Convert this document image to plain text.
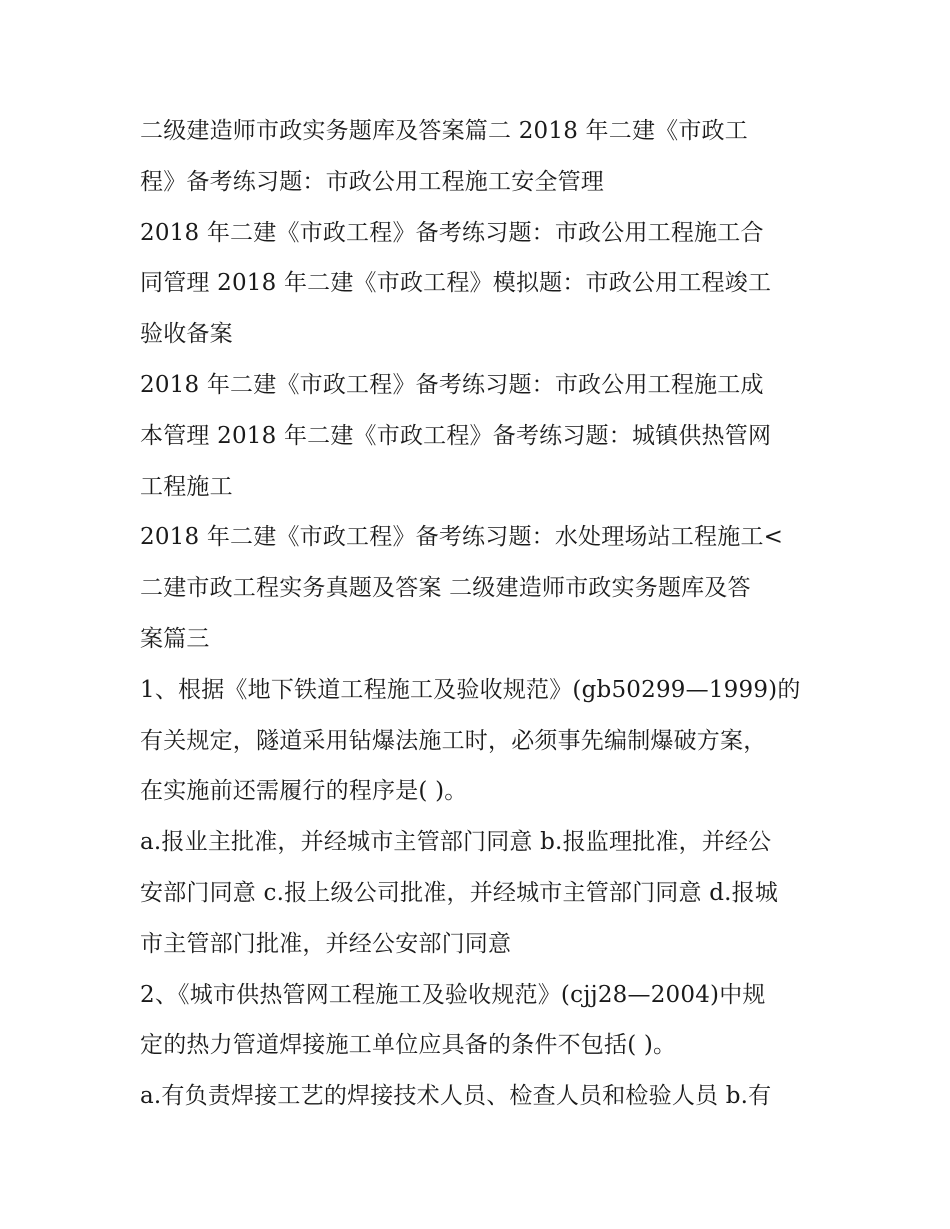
二级建造师市政实务题库及答案篇二 2018 年二建《市政工
程》备考练习题：市政公用工程施工安全管理
2018 年二建《市政工程》备考练习题：市政公用工程施工合
同管理 2018 年二建《市政工程》模拟题：市政公用工程竣工
验收备案
2018 年二建《市政工程》备考练习题：市政公用工程施工成
本管理 2018 年二建《市政工程》备考练习题：城镇供热管网
工程施工
2018 年二建《市政工程》备考练习题：水处理场站工程施工<
二建市政工程实务真题及答案 二级建造师市政实务题库及答
案篇三
1、根据《地下铁道工程施工及验收规范》(gb50299—1999)的
有关规定，隧道采用钻爆法施工时，必须事先编制爆破方案，
在实施前还需履行的程序是( )。
a.报业主批准，并经城市主管部门同意 b.报监理批准，并经公
安部门同意 c.报上级公司批准，并经城市主管部门同意 d.报城
市主管部门批准，并经公安部门同意
2、《城市供热管网工程施工及验收规范》(cjj28—2004)中规
定的热力管道焊接施工单位应具备的条件不包括( )。
a.有负责焊接工艺的焊接技术人员、检查人员和检验人员 b.有
